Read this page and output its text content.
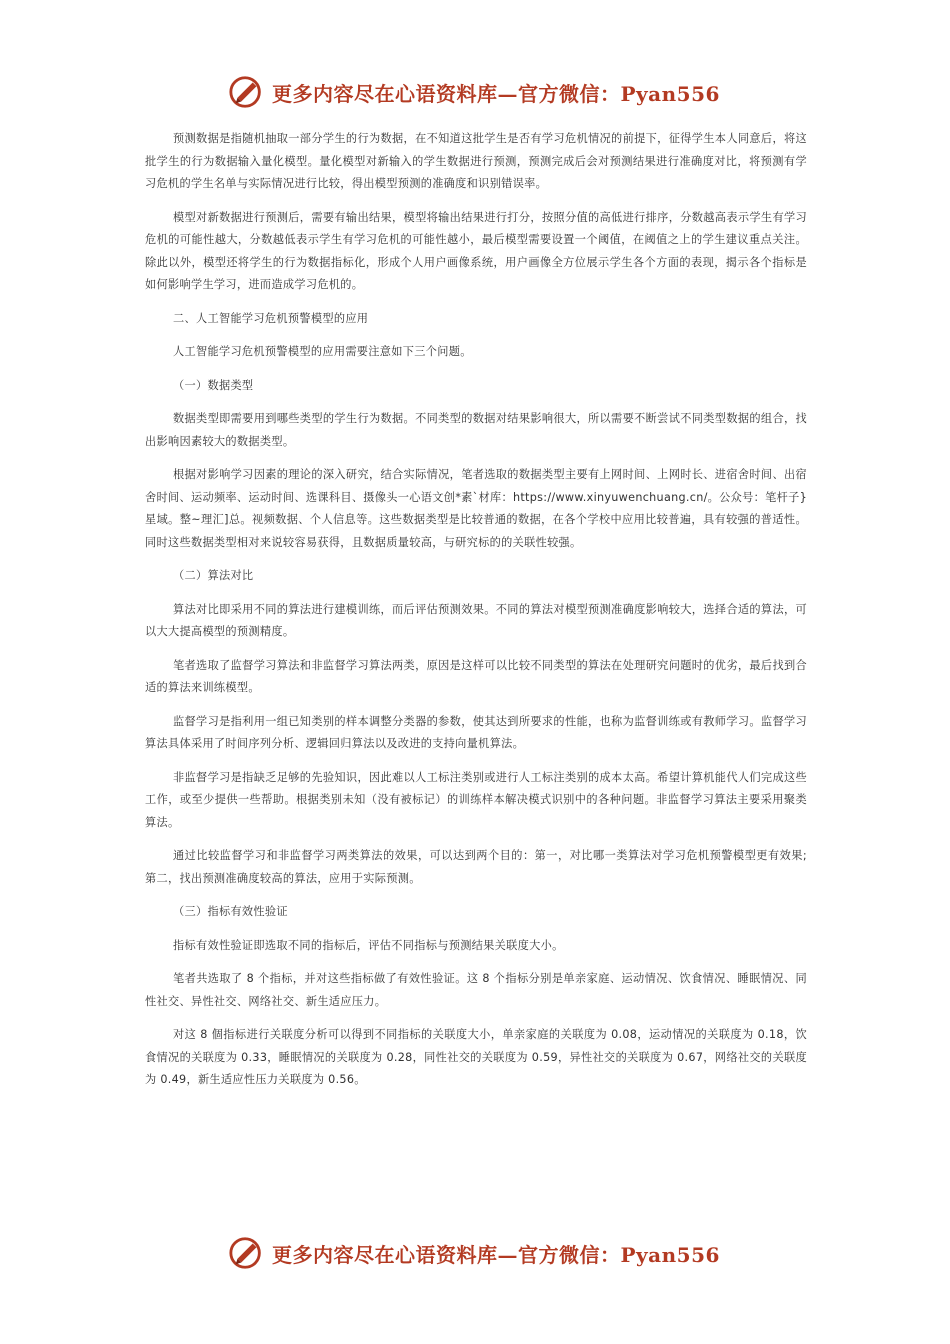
更多内容尽在心语资料库—官方微信：Pyan556

预测数据是指随机抽取一部分学生的行为数据，在不知道这批学生是否有学习危机情况的前提下，征得学生本人同意后，将这批学生的行为数据输入量化模型。量化模型对新输入的学生数据进行预测，预测完成后会对预测结果进行准确度对比，将预测有学习危机的学生名单与实际情况进行比较，得出模型预测的准确度和识别错误率。

模型对新数据进行预测后，需要有输出结果，模型将输出结果进行打分，按照分值的高低进行排序，分数越高表示学生有学习危机的可能性越大，分数越低表示学生有学习危机的可能性越小，最后模型需要设置一个阈值，在阈值之上的学生建议重点关注。除此以外，模型还将学生的行为数据指标化，形成个人用户画像系统，用户画像全方位展示学生各个方面的表现，揭示各个指标是如何影响学生学习，进而造成学习危机的。

二、人工智能学习危机预警模型的应用

人工智能学习危机预警模型的应用需要注意如下三个问题。

（一）数据类型

数据类型即需要用到哪些类型的学生行为数据。不同类型的数据对结果影响很大，所以需要不断尝试不同类型数据的组合，找出影响因素较大的数据类型。

根据对影响学习因素的理论的深入研究，结合实际情况，笔者选取的数据类型主要有上网时间、上网时长、进宿舍时间、出宿舍时间、运动频率、运动时间、选课科目、摄像头一心语文创*素`材库：https://www.xinyuwenchuang.cn/。公众号：笔杆子}星域。整~理汇]总。视频数据、个人信息等。这些数据类型是比较普通的数据，在各个学校中应用比较普遍，具有较强的普适性。同时这些数据类型相对来说较容易获得，且数据质量较高，与研究标的的关联性较强。

（二）算法对比

算法对比即采用不同的算法进行建模训练，而后评估预测效果。不同的算法对模型预测准确度影响较大，选择合适的算法，可以大大提高模型的预测精度。

笔者选取了监督学习算法和非监督学习算法两类，原因是这样可以比较不同类型的算法在处理研究问题时的优劣，最后找到合适的算法来训练模型。

监督学习是指利用一组已知类别的样本调整分类器的参数，使其达到所要求的性能，也称为监督训练或有教师学习。监督学习算法具体采用了时间序列分析、逻辑回归算法以及改进的支持向量机算法。

非监督学习是指缺乏足够的先验知识，因此难以人工标注类别或进行人工标注类别的成本太高。希望计算机能代人们完成这些工作，或至少提供一些帮助。根据类别未知（没有被标记）的训练样本解决模式识别中的各种问题。非监督学习算法主要采用聚类算法。

通过比较监督学习和非监督学习两类算法的效果，可以达到两个目的：第一，对比哪一类算法对学习危机预警模型更有效果;第二，找出预测准确度较高的算法，应用于实际预测。

（三）指标有效性验证

指标有效性验证即选取不同的指标后，评估不同指标与预测结果关联度大小。

笔者共选取了 8 个指标，并对这些指标做了有效性验证。这 8 个指标分别是单亲家庭、运动情况、饮食情况、睡眠情况、同性社交、异性社交、网络社交、新生适应压力。

对这 8 個指标进行关联度分析可以得到不同指标的关联度大小，单亲家庭的关联度为 0.08，运动情况的关联度为 0.18，饮食情况的关联度为 0.33，睡眠情况的关联度为 0.28，同性社交的关联度为 0.59，异性社交的关联度为 0.67，网络社交的关联度为 0.49，新生适应性压力关联度为 0.56。

更多内容尽在心语资料库—官方微信：Pyan556
